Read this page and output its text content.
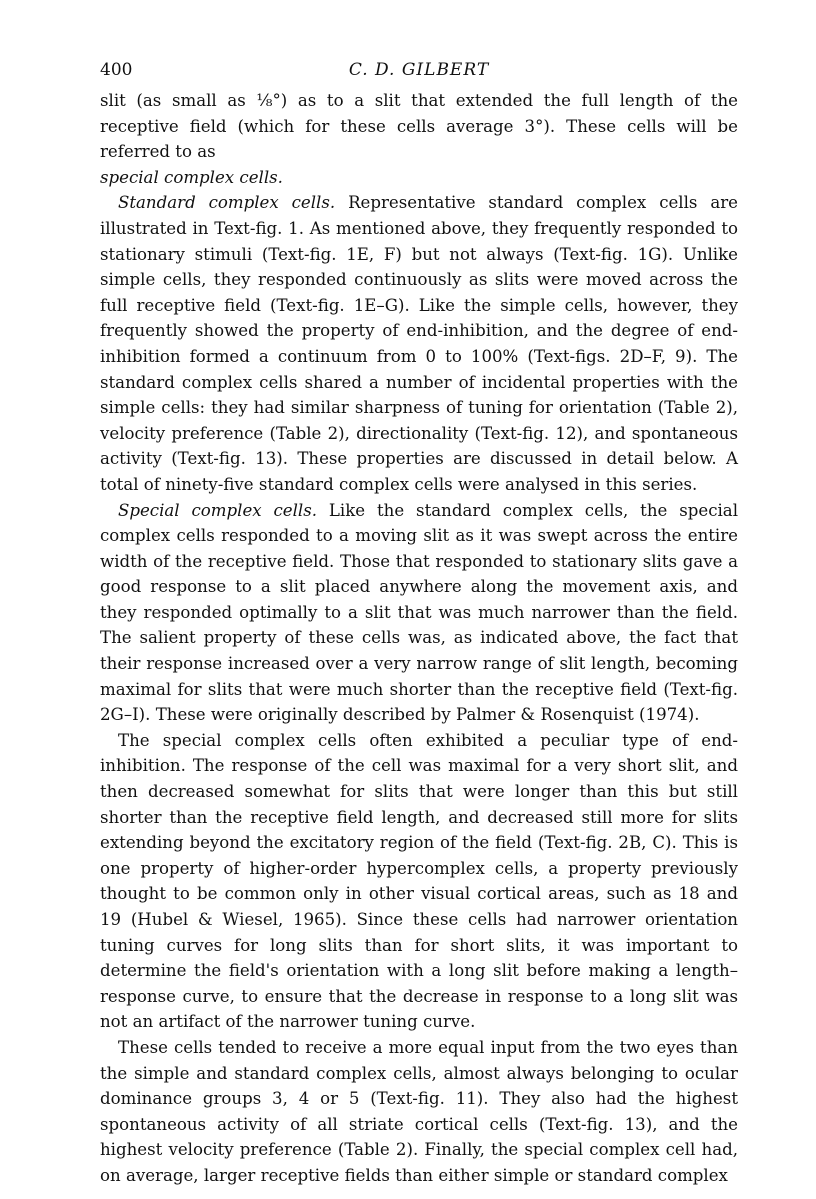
400	C. D. GILBERT

slit (as small as ⅛°) as to a slit that extended the full length of the receptive field (which for these cells average 3°). These cells will be referred to as
special complex cells.

Standard complex cells. Representative standard complex cells are illustrated in Text-fig. 1. As mentioned above, they frequently responded to stationary stimuli (Text-fig. 1E, F) but not always (Text-fig. 1G). Unlike simple cells, they responded continuously as slits were moved across the full receptive field (Text-fig. 1E–G). Like the simple cells, however, they frequently showed the property of end-inhibition, and the degree of end-inhibition formed a continuum from 0 to 100% (Text-figs. 2D–F, 9). The standard complex cells shared a number of incidental properties with the simple cells: they had similar sharpness of tuning for orientation (Table 2), velocity preference (Table 2), directionality (Text-fig. 12), and spontaneous activity (Text-fig. 13). These properties are discussed in detail below. A total of ninety-five standard complex cells were analysed in this series.

Special complex cells. Like the standard complex cells, the special complex cells responded to a moving slit as it was swept across the entire width of the receptive field. Those that responded to stationary slits gave a good response to a slit placed anywhere along the movement axis, and they responded optimally to a slit that was much narrower than the field. The salient property of these cells was, as indicated above, the fact that their response increased over a very narrow range of slit length, becoming maximal for slits that were much shorter than the receptive field (Text-fig. 2G–I). These were originally described by Palmer & Rosenquist (1974).

The special complex cells often exhibited a peculiar type of end-inhibition. The response of the cell was maximal for a very short slit, and then decreased somewhat for slits that were longer than this but still shorter than the receptive field length, and decreased still more for slits extending beyond the excitatory region of the field (Text-fig. 2B, C). This is one property of higher-order hypercomplex cells, a property previously thought to be common only in other visual cortical areas, such as 18 and 19 (Hubel & Wiesel, 1965). Since these cells had narrower orientation tuning curves for long slits than for short slits, it was important to determine the field's orientation with a long slit before making a length–response curve, to ensure that the decrease in response to a long slit was not an artifact of the narrower tuning curve.

These cells tended to receive a more equal input from the two eyes than the simple and standard complex cells, almost always belonging to ocular dominance groups 3, 4 or 5 (Text-fig. 11). They also had the highest spontaneous activity of all striate cortical cells (Text-fig. 13), and the highest velocity preference (Table 2). Finally, the special complex cell had, on average, larger receptive fields than either simple or standard complex
